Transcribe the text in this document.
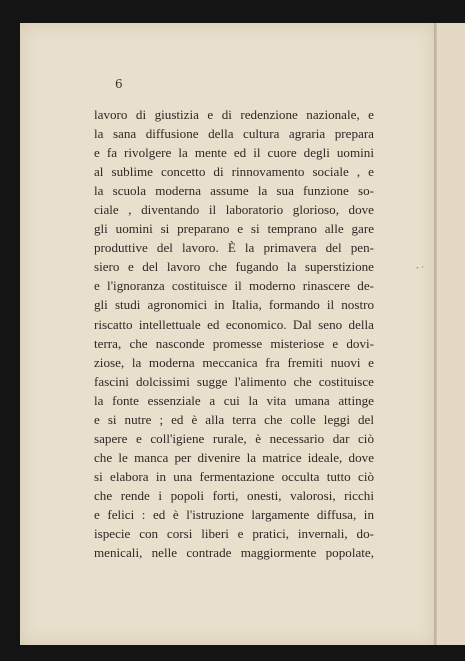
- ·
6
lavoro di giustizia e di redenzione nazionale, e
la sana diffusione della cultura agraria prepara
e fa rivolgere la mente ed il cuore degli uomini
al sublime concetto di rinnovamento sociale , e
la scuola moderna assume la sua funzione so-
ciale , diventando il laboratorio glorioso, dove
gli uomini si preparano e si temprano alle gare
produttive del lavoro. È la primavera del pen-
siero e del lavoro che fugando la superstizione
e l'ignoranza costituisce il moderno rinascere de-
gli studi agronomici in Italia, formando il nostro
riscatto intellettuale ed economico. Dal seno della
terra, che nasconde promesse misteriose e dovi-
ziose, la moderna meccanica fra fremiti nuovi e
fascini dolcissimi sugge l'alimento che costituisce
la fonte essenziale a cui la vita umana attinge
e si nutre ; ed è alla terra che colle leggi del
sapere e coll'igiene rurale, è necessario dar ciò
che le manca per divenire la matrice ideale, dove
si elabora in una fermentazione occulta tutto ciò
che rende i popoli forti, onesti, valorosi, ricchi
e felici : ed è l'istruzione largamente diffusa, in
ispecie con corsi liberi e pratici, invernali, do-
menicali, nelle contrade maggiormente popolate,
